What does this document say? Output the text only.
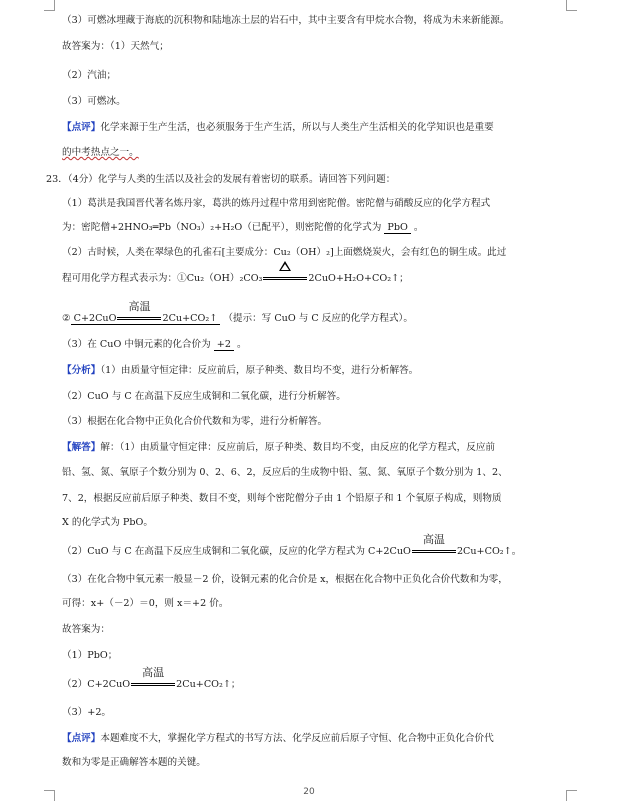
（3）可燃冰埋藏于海底的沉积物和陆地冻土层的岩石中，其中主要含有甲烷水合物，将成为未来新能源。
故答案为：（1）天然气；
（2）汽油；
（3）可燃冰。
【点评】化学来源于生产生活，也必须服务于生产生活，所以与人类生产生活相关的化学知识也是重要
的中考热点之一。
23．（4分）化学与人类的生活以及社会的发展有着密切的联系。请回答下列问题：
（1）葛洪是我国晋代著名炼丹家，葛洪的炼丹过程中常用到密陀僧。密陀僧与硝酸反应的化学方程式
为：密陀僧+2HNO₃═Pb（NO₃）₂+H₂O（已配平），则密陀僧的化学式为 PbO 。
（2）古时候，人类在翠绿色的孔雀石[主要成分：Cu₂（OH）₂]上面燃烧炭火，会有红色的铜生成。此过
程可用化学方程式表示为：①Cu₂（OH）₂CO₃	2CuO+H₂O+CO₂↑；
② C+2CuO
高温
2Cu+CO₂↑ （提示：写 CuO 与 C 反应的化学方程式）。
（3）在 CuO 中铜元素的化合价为 +2 。
【分析】（1）由质量守恒定律：反应前后，原子种类、数目均不变，进行分析解答。
（2）CuO 与 C 在高温下反应生成铜和二氧化碳，进行分析解答。
（3）根据在化合物中正负化合价代数和为零，进行分析解答。
【解答】解：（1）由质量守恒定律：反应前后，原子种类、数目均不变，由反应的化学方程式，反应前
铅、氢、氮、氧原子个数分别为 0、2、6、2，反应后的生成物中铅、氢、氮、氧原子个数分别为 1、2、
7、2，根据反应前后原子种类、数目不变，则每个密陀僧分子由 1 个铅原子和 1 个氧原子构成，则物质
X 的化学式为 PbO。
（2）CuO 与 C 在高温下反应生成铜和二氧化碳，反应的化学方程式为 C+2CuO
高温
2Cu+CO₂↑。
（3）在化合物中氧元素一般显－2 价，设铜元素的化合价是 x，根据在化合物中正负化合价代数和为零，
可得：x+（－2）＝0，则 x＝+2 价。
故答案为：
（1）PbO；
（2）C+2CuO
高温
2Cu+CO₂↑；
（3）+2。
【点评】本题难度不大，掌握化学方程式的书写方法、化学反应前后原子守恒、化合物中正负化合价代
数和为零是正确解答本题的关键。
20
